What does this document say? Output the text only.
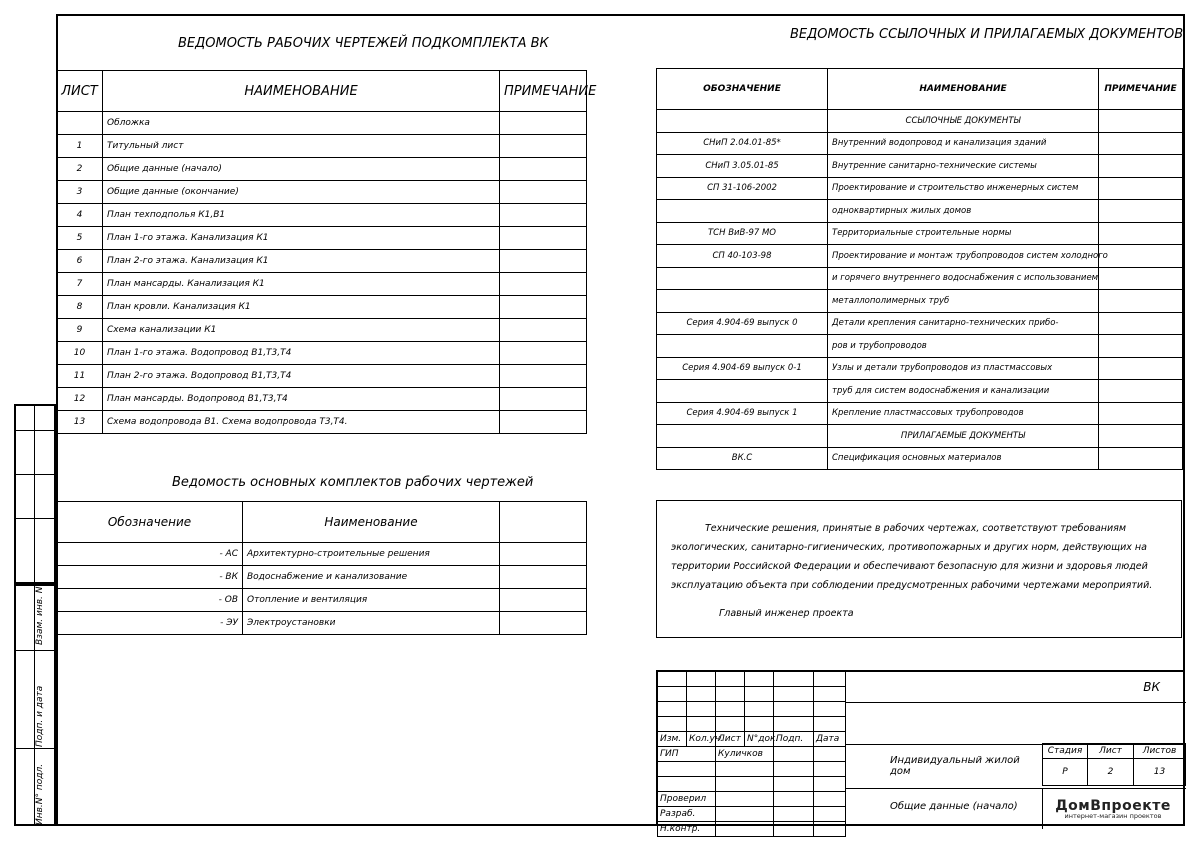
Взам. инв. N°
Подп. и дата
Инв.N° подл.
ВЕДОМОСТЬ РАБОЧИХ ЧЕРТЕЖЕЙ ПОДКОМПЛЕКТА ВК
ЛИСТ	НАИМЕНОВАНИЕ	ПРИМЕЧАНИЕ
	Обложка	
1	Титульный лист	
2	Общие данные (начало)	
3	Общие данные (окончание)	
4	План техподполья К1,В1	
5	План 1-го этажа. Канализация К1	
6	План 2-го этажа. Канализация К1	
7	План мансарды. Канализация К1	
8	План кровли. Канализация К1	
9	Схема канализации К1	
10	План 1-го этажа. Водопровод В1,Т3,Т4	
11	План 2-го этажа. Водопровод В1,Т3,Т4	
12	План мансарды. Водопровод В1,Т3,Т4	
13	Схема водопровода В1. Схема водопровода Т3,Т4.	
Ведомость основных комплектов рабочих чертежей
Обозначение	Наименование	
- АС	Архитектурно-строительные решения	
- ВК	Водоснабжение и канализование	
- ОВ	Отопление и вентиляция	
- ЭУ	Электроустановки	
ВЕДОМОСТЬ ССЫЛОЧНЫХ И ПРИЛАГАЕМЫХ ДОКУМЕНТОВ
ОБОЗНАЧЕНИЕ	НАИМЕНОВАНИЕ	ПРИМЕЧАНИЕ
	ССЫЛОЧНЫЕ ДОКУМЕНТЫ	
СНиП 2.04.01-85*	Внутренний водопровод и канализация зданий	
СНиП 3.05.01-85	Внутренние санитарно-технические системы	
СП 31-106-2002	Проектирование и строительство инженерных систем	
	одноквартирных жилых домов	
ТСН ВиВ-97 МО	Территориальные строительные нормы	
СП 40-103-98	Проектирование и монтаж трубопроводов систем холодного	
	и горячего внутреннего водоснабжения с использованием	
	металлополимерных труб	
Серия 4.904-69 выпуск 0	Детали крепления санитарно-технических прибо-	
	ров и трубопроводов	
Серия 4.904-69 выпуск 0-1	Узлы и детали трубопроводов из пластмассовых	
	труб для систем водоснабжения и канализации	
Серия 4.904-69 выпуск 1	Крепление пластмассовых трубопроводов	
	ПРИЛАГАЕМЫЕ ДОКУМЕНТЫ	
ВК.С	Спецификация основных материалов	

Технические решения, принятые в рабочих чертежах, соответствуют требованиям

экологических, санитарно-гигиенических, противопожарных и других норм, действующих на

территории Российской Федерации и обеспечивают безопасную для жизни и здоровья людей

эксплуатацию объекта при соблюдении предусмотренных рабочими чертежами мероприятий.

Главный инженер проекта

Изм.	Кол.уч.	Лист	N°док.	Подп.	Дата
ГИП		Куличков			

Проверил					
Разраб.					
Н.контр.					
ВК
Индивидуальный жилой дом
Общие данные (начало)
Стадия	Лист	Листов
Р	2	13
ДомВпроекте
интернет-магазин проектов
